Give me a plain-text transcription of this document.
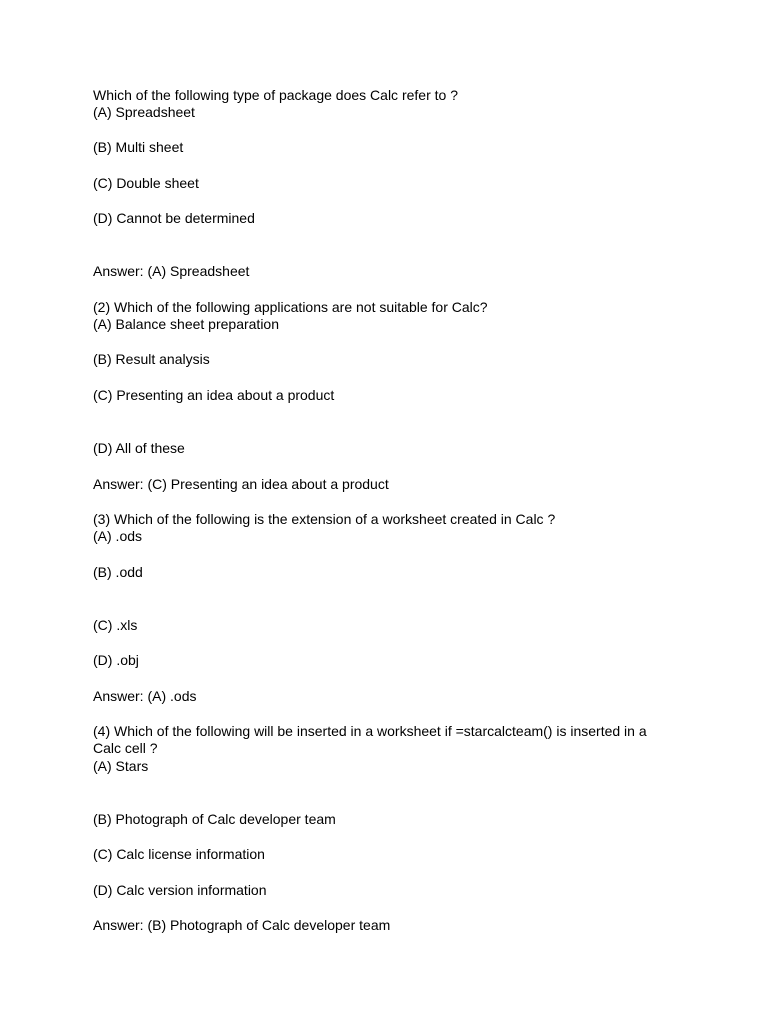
Which of the following type of package does Calc refer to ?
(A) Spreadsheet
(B) Multi sheet
(C) Double sheet
(D) Cannot be determined
Answer: (A) Spreadsheet
(2) Which of the following applications are not suitable for Calc?
(A) Balance sheet preparation
(B) Result analysis
(C) Presenting an idea about a product
(D) All of these
Answer: (C) Presenting an idea about a product
(3) Which of the following is the extension of a worksheet created in Calc ?
(A) .ods
(B) .odd
(C) .xls
(D) .obj
Answer: (A) .ods
(4) Which of the following will be inserted in a worksheet if =starcalcteam() is inserted in a
Calc cell ?
(A) Stars
(B) Photograph of Calc developer team
(C) Calc license information
(D) Calc version information
Answer: (B) Photograph of Calc developer team
